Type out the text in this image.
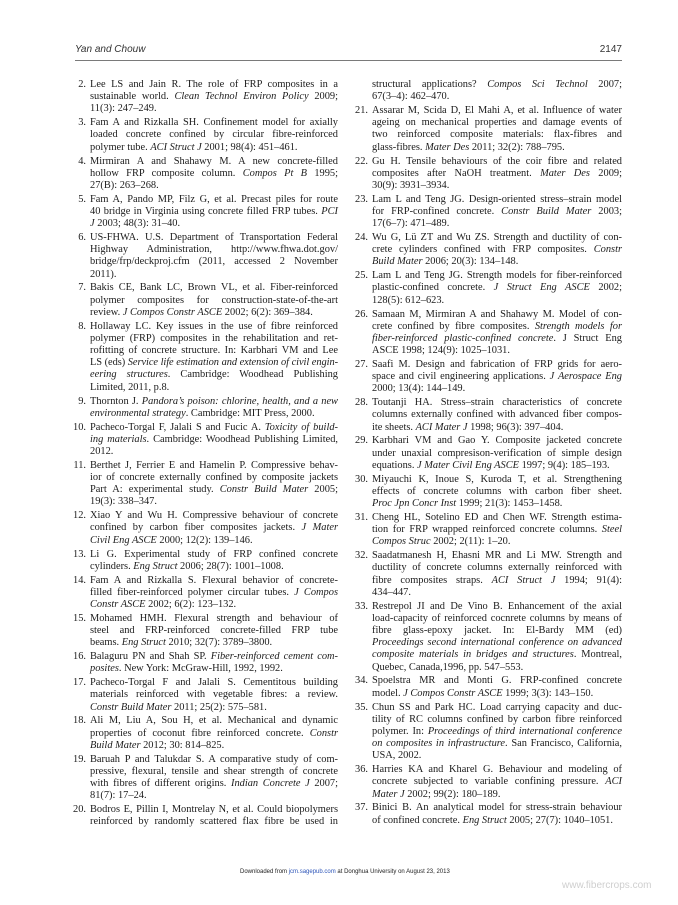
Yan and Chouw	2147
2. Lee LS and Jain R. The role of FRP composites in a
sustainable world. Clean Technol Environ Policy 2009;
11(3): 247–249.
3. Fam A and Rizkalla SH. Confinement model for axially
loaded concrete confined by circular fibre-reinforced
polymer tube. ACI Struct J 2001; 98(4): 451–461.
4. Mirmiran A and Shahawy M. A new concrete-filled
hollow FRP composite column. Compos Pt B 1995;
27(B): 263–268.
5. Fam A, Pando MP, Filz G, et al. Precast piles for route
40 bridge in Virginia using concrete filled FRP tubes. PCI
J 2003; 48(3): 31–40.
6. US-FHWA. U.S. Department of Transportation Federal
Highway Administration, http://www.fhwa.dot.gov/
bridge/frp/deckproj.cfm (2011, accessed 2 November
2011).
7. Bakis CE, Bank LC, Brown VL, et al. Fiber-reinforced
polymer composites for construction-state-of-the-art
review. J Compos Constr ASCE 2002; 6(2): 369–384.
8. Hollaway LC. Key issues in the use of fibre reinforced
polymer (FRP) composites in the rehabilitation and ret-
rofitting of concrete structure. In: Karbhari VM and Lee
LS (eds) Service life estimation and extension of civil engin-
eering structures. Cambridge: Woodhead Publishing
Limited, 2011, p.8.
9. Thornton J. Pandora’s poison: chlorine, health, and a new
environmental strategy. Cambridge: MIT Press, 2000.
10. Pacheco-Torgal F, Jalali S and Fucic A. Toxicity of build-
ing materials. Cambridge: Woodhead Publishing Limited,
2012.
11. Berthet J, Ferrier E and Hamelin P. Compressive behav-
ior of concrete externally confined by composite jackets
Part A: experimental study. Constr Build Mater 2005;
19(3): 338–347.
12. Xiao Y and Wu H. Compressive behaviour of concrete
confined by carbon fiber composites jackets. J Mater
Civil Eng ASCE 2000; 12(2): 139–146.
13. Li G. Experimental study of FRP confined concrete
cylinders. Eng Struct 2006; 28(7): 1001–1008.
14. Fam A and Rizkalla S. Flexural behavior of concrete-
filled fiber-reinforced polymer circular tubes. J Compos
Constr ASCE 2002; 6(2): 123–132.
15. Mohamed HMH. Flexural strength and behaviour of
steel and FRP-reinforced concrete-filled FRP tube
beams. Eng Struct 2010; 32(7): 3789–3800.
16. Balaguru PN and Shah SP. Fiber-reinforced cement com-
posites. New York: McGraw-Hill, 1992, 1992.
17. Pacheco-Torgal F and Jalali S. Cementitous building
materials reinforced with vegetable fibres: a review.
Constr Build Mater 2011; 25(2): 575–581.
18. Ali M, Liu A, Sou H, et al. Mechanical and dynamic
properties of coconut fibre reinforced concrete. Constr
Build Mater 2012; 30: 814–825.
19. Baruah P and Talukdar S. A comparative study of com-
pressive, flexural, tensile and shear strength of concrete
with fibres of different origins. Indian Concrete J 2007;
81(7): 17–24.
20. Bodros E, Pillin I, Montrelay N, et al. Could biopolymers
reinforced by randomly scattered flax fibre be used in
structural applications? Compos Sci Technol 2007;
67(3–4): 462–470.
21. Assarar M, Scida D, El Mahi A, et al. Influence of water
ageing on mechanical properties and damage events of
two reinforced composite materials: flax-fibres and
glass-fibres. Mater Des 2011; 32(2): 788–795.
22. Gu H. Tensile behaviours of the coir fibre and related
composites after NaOH treatment. Mater Des 2009;
30(9): 3931–3934.
23. Lam L and Teng JG. Design-oriented stress–strain model
for FRP-confined concrete. Constr Build Mater 2003;
17(6–7): 471–489.
24. Wu G, Lü ZT and Wu ZS. Strength and ductility of con-
crete cylinders confined with FRP composites. Constr
Build Mater 2006; 20(3): 134–148.
25. Lam L and Teng JG. Strength models for fiber-reinforced
plastic-confined concrete. J Struct Eng ASCE 2002;
128(5): 612–623.
26. Samaan M, Mirmiran A and Shahawy M. Model of con-
crete confined by fibre composites. Strength models for
fiber-reinforced plastic-confined concrete. J Struct Eng
ASCE 1998; 124(9): 1025–1031.
27. Saafi M. Design and fabrication of FRP grids for aero-
space and civil engineering applications. J Aerospace Eng
2000; 13(4): 144–149.
28. Toutanji HA. Stress–strain characteristics of concrete
columns externally confined with advanced fiber compos-
ite sheets. ACI Mater J 1998; 96(3): 397–404.
29. Karbhari VM and Gao Y. Composite jacketed concrete
under unaxial compresison-verification of simple design
equations. J Mater Civil Eng ASCE 1997; 9(4): 185–193.
30. Miyauchi K, Inoue S, Kuroda T, et al. Strengthening
effects of concrete columns with carbon fiber sheet.
Proc Jpn Concr Inst 1999; 21(3): 1453–1458.
31. Cheng HL, Sotelino ED and Chen WF. Strength estima-
tion for FRP wrapped reinforced concrete columns. Steel
Compos Struc 2002; 2(11): 1–20.
32. Saadatmanesh H, Ehasni MR and Li MW. Strength and
ductility of concrete columns externally reinforced with
fibre composites straps. ACI Struct J 1994; 91(4):
434–447.
33. Restrepol JI and De Vino B. Enhancement of the axial
load-capacity of reinforced cocnrete columns by means of
fibre glass-epoxy jacket. In: El-Bardy MM (ed)
Proceedings second international conference on advanced
composite materials in bridges and structures. Montreal,
Quebec, Canada,1996, pp. 547–553.
34. Spoelstra MR and Monti G. FRP-confined concrete
model. J Compos Constr ASCE 1999; 3(3): 143–150.
35. Chun SS and Park HC. Load carrying capacity and duc-
tility of RC columns confined by carbon fibre reinforced
polymer. In: Proceedings of third international conference
on composites in infrastructure. San Francisco, California,
USA, 2002.
36. Harries KA and Kharel G. Behaviour and modeling of
concrete subjected to variable confining pressure. ACI
Mater J 2002; 99(2): 180–189.
37. Binici B. An analytical model for stress-strain behaviour
of confined concrete. Eng Struct 2005; 27(7): 1040–1051.
Downloaded from jcm.sagepub.com at Donghua University on August 23, 2013
www.fibercrops.com
